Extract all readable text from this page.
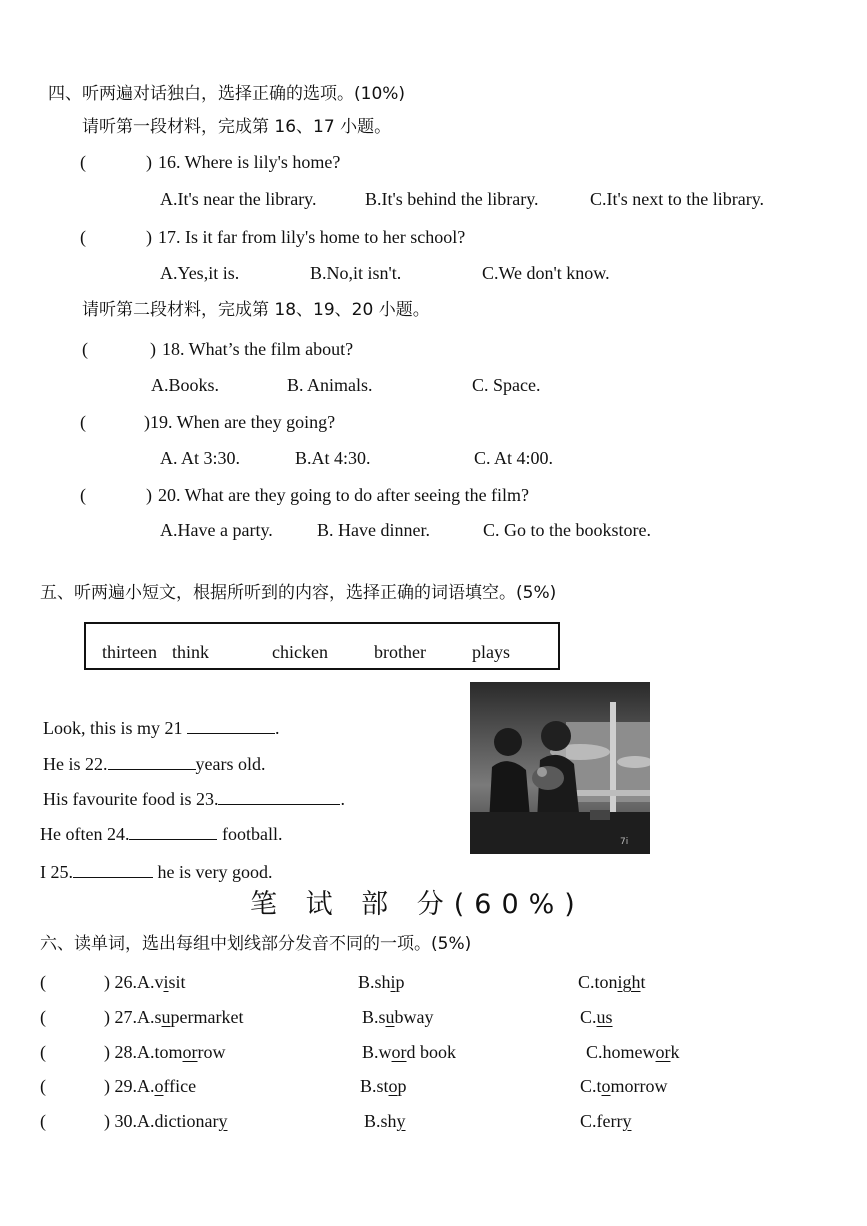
四、听两遍对话独白，选择正确的选项。(10%)
请听第一段材料，完成第 16、17 小题。
(	) 16. Where is lily's home?
A.It's near the library.	B.It's behind the library.	C.It's next to the library.
(	) 17. Is it far from lily's home to her school?
A.Yes,it is.	B.No,it isn't.	C.We don't know.
请听第二段材料，完成第 18、19、20 小题。
(	) 18. What’s the film about?
A.Books.	B. Animals.	C. Space.
(	) 19. When are they going?
A. At 3:30.	B.At 4:30.	C. At 4:00.
(	) 20. What are they going to do after seeing the film?
A.Have a party. B. Have dinner.	C. Go to the bookstore.
五、听两遍小短文，根据所听到的内容，选择正确的词语填空。(5%)
thirteen think	chicken	brother	plays
7i
Look, this is my 21	.
He is 22.	years old.
His favourite food is 23.	.
He often 24.	football.
I 25.	he is very good.
笔 试 部 分(60%)
六、读单词，选出每组中划线部分发音不同的一项。(5%)
(	) 26.A.visit	B.ship	C.tonight
(	) 27.A.supermarket	B.subway	C.us
(	) 28.A.tomorrow	B.word book	C.homework
(	) 29.A.office	B.stop	C.tomorrow
(	) 30.A.dictionary	B.shy	C.ferry
